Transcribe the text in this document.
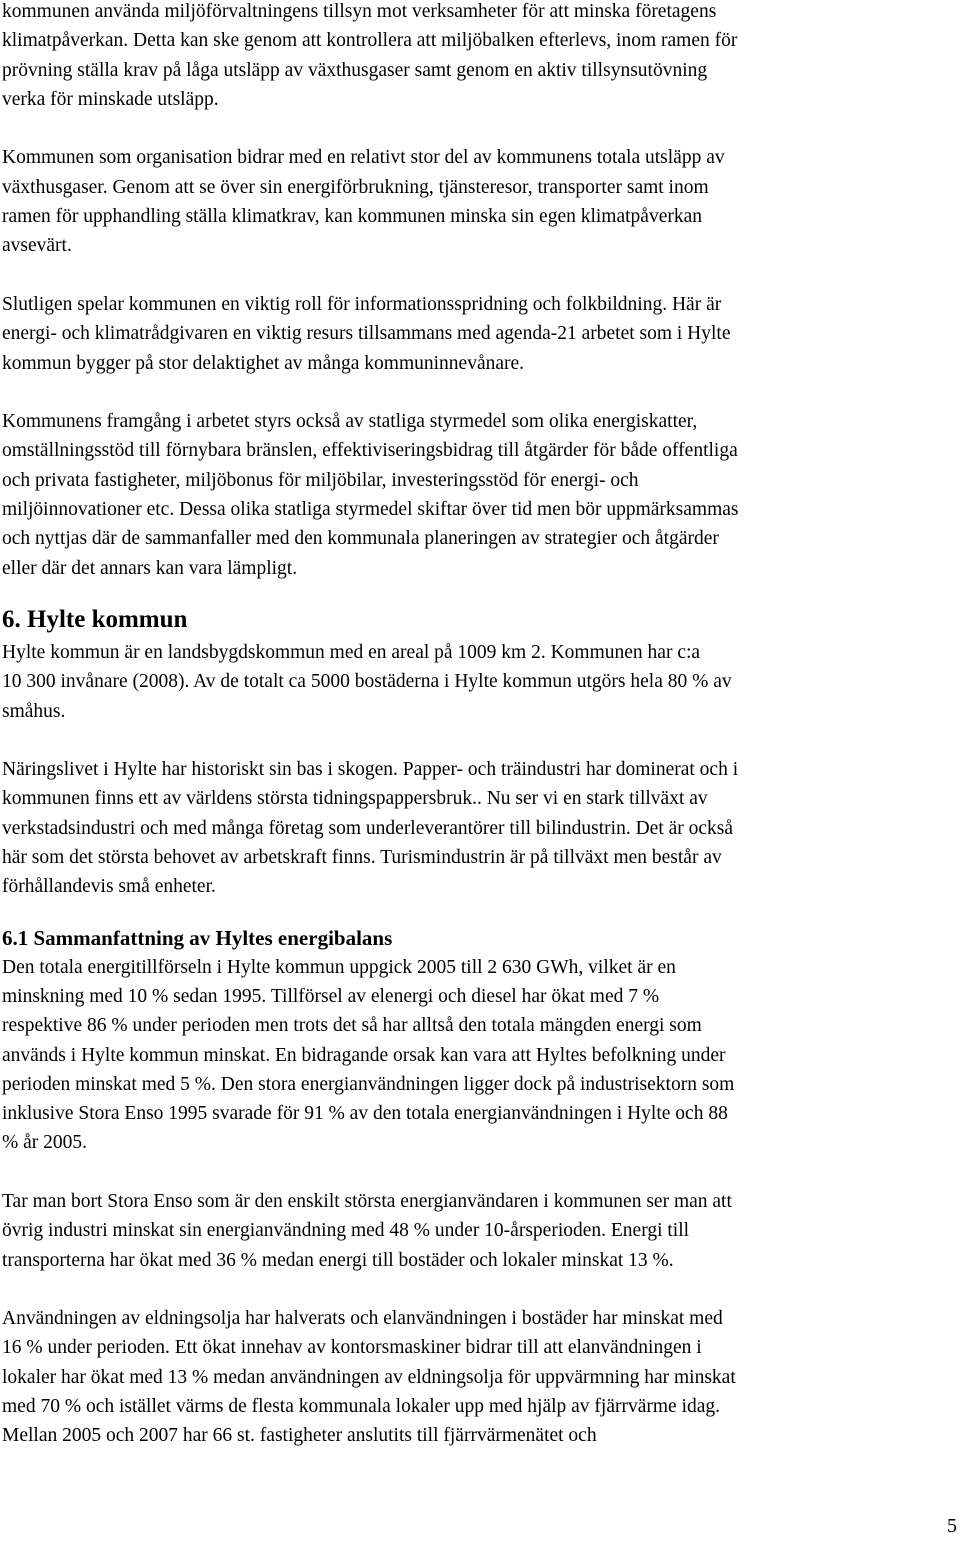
kommunen använda miljöförvaltningens tillsyn mot verksamheter för att minska företagens
klimatpåverkan. Detta kan ske genom att kontrollera att miljöbalken efterlevs, inom ramen för
prövning ställa krav på låga utsläpp av växthusgaser samt genom en aktiv tillsynsutövning
verka för minskade utsläpp.

Kommunen som organisation bidrar med en relativt stor del av kommunens totala utsläpp av
växthusgaser. Genom att se över sin energiförbrukning, tjänsteresor, transporter samt inom
ramen för upphandling ställa klimatkrav, kan kommunen minska sin egen klimatpåverkan
avsevärt.

Slutligen spelar kommunen en viktig roll för informationsspridning och folkbildning. Här är
energi- och klimatrådgivaren en viktig resurs tillsammans med agenda-21 arbetet som i Hylte
kommun bygger på stor delaktighet av många kommuninnevånare.

Kommunens framgång i arbetet styrs också av statliga styrmedel som olika energiskatter,
omställningsstöd till förnybara bränslen, effektiviseringsbidrag till åtgärder för både offentliga
och privata fastigheter, miljöbonus för miljöbilar, investeringsstöd för energi- och
miljöinnovationer etc. Dessa olika statliga styrmedel skiftar över tid men bör uppmärksammas
och nyttjas där de sammanfaller med den kommunala planeringen av strategier och åtgärder
eller där det annars kan vara lämpligt.

6. Hylte kommun

Hylte kommun är en landsbygdskommun med en areal på 1009 km 2. Kommunen har c:a
10 300 invånare (2008). Av de totalt ca 5000 bostäderna i Hylte kommun utgörs hela 80 % av
småhus.

Näringslivet i Hylte har historiskt sin bas i skogen. Papper- och träindustri har dominerat och i
kommunen finns ett av världens största tidningspappersbruk.. Nu ser vi en stark tillväxt av
verkstadsindustri och med många företag som underleverantörer till bilindustrin. Det är också
här som det största behovet av arbetskraft finns. Turismindustrin är på tillväxt men består av
förhållandevis små enheter.

6.1 Sammanfattning av Hyltes energibalans

Den totala energitillförseln i Hylte kommun uppgick 2005 till 2 630 GWh, vilket är en
minskning med 10 % sedan 1995. Tillförsel av elenergi och diesel har ökat med 7 %
respektive 86 % under perioden men trots det så har alltså den totala mängden energi som
används i Hylte kommun minskat. En bidragande orsak kan vara att Hyltes befolkning under
perioden minskat med 5 %. Den stora energianvändningen ligger dock på industrisektorn som
inklusive Stora Enso 1995 svarade för 91 % av den totala energianvändningen i Hylte och 88
% år 2005.

Tar man bort Stora Enso som är den enskilt största energianvändaren i kommunen ser man att
övrig industri minskat sin energianvändning med 48 % under 10-årsperioden. Energi till
transporterna har ökat med 36 % medan energi till bostäder och lokaler minskat 13 %.

Användningen av eldningsolja har halverats och elanvändningen i bostäder har minskat med
16 % under perioden. Ett ökat innehav av kontorsmaskiner bidrar till att elanvändningen i
lokaler har ökat med 13 % medan användningen av eldningsolja för uppvärmning har minskat
med 70 % och istället värms de flesta kommunala lokaler upp med hjälp av fjärrvärme idag.
Mellan 2005 och 2007 har 66 st. fastigheter anslutits till fjärrvärmenätet och

5
